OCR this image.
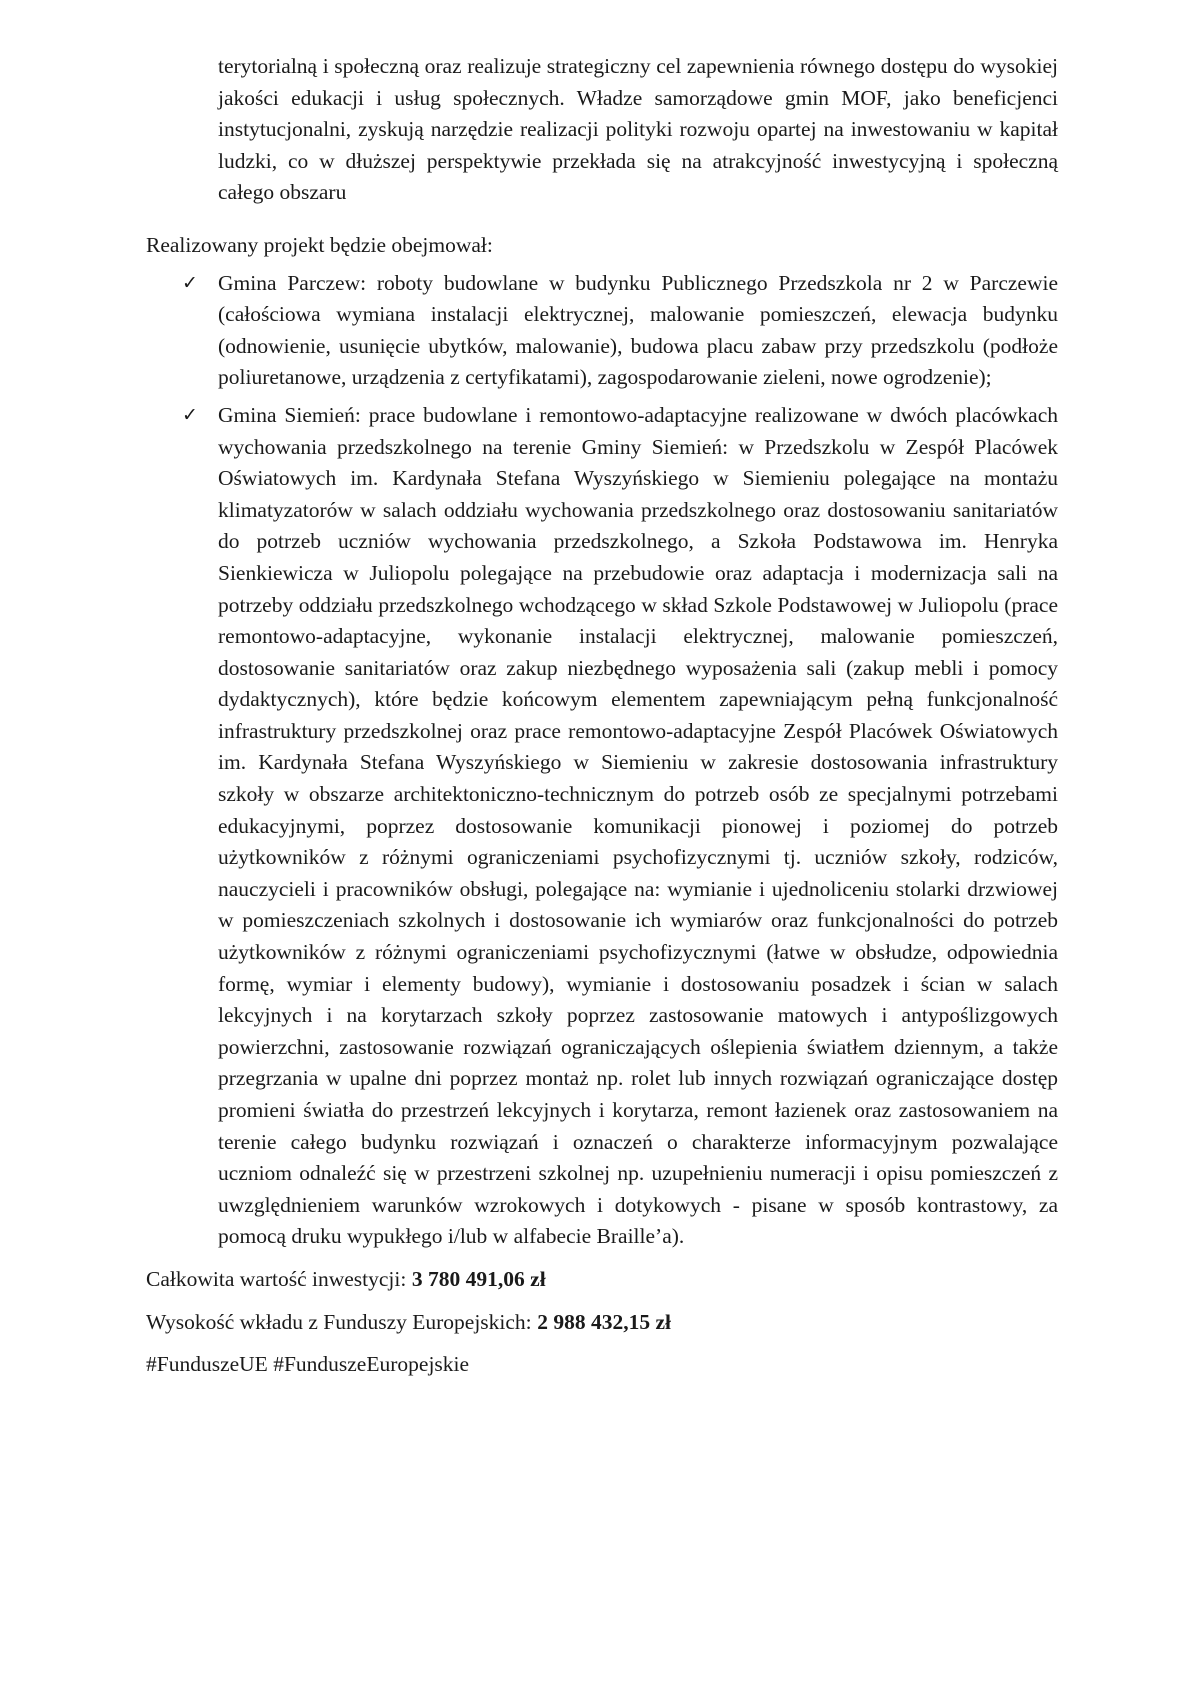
terytorialną i społeczną oraz realizuje strategiczny cel zapewnienia równego dostępu do wysokiej jakości edukacji i usług społecznych. Władze samorządowe gmin MOF, jako beneficjenci instytucjonalni, zyskują narzędzie realizacji polityki rozwoju opartej na inwestowaniu w kapitał ludzki, co w dłuższej perspektywie przekłada się na atrakcyjność inwestycyjną i społeczną całego obszaru

Realizowany projekt będzie obejmował:

✓ Gmina Parczew: roboty budowlane w budynku Publicznego Przedszkola nr 2 w Parczewie (całościowa wymiana instalacji elektrycznej, malowanie pomieszczeń, elewacja budynku (odnowienie, usunięcie ubytków, malowanie), budowa placu zabaw przy przedszkolu (podłoże poliuretanowe, urządzenia z certyfikatami), zagospodarowanie zieleni, nowe ogrodzenie);

✓ Gmina Siemień: prace budowlane i remontowo-adaptacyjne realizowane w dwóch placówkach wychowania przedszkolnego na terenie Gminy Siemień: w Przedszkolu w Zespół Placówek Oświatowych im. Kardynała Stefana Wyszyńskiego w Siemieniu polegające na montażu klimatyzatorów w salach oddziału wychowania przedszkolnego oraz dostosowaniu sanitariatów do potrzeb uczniów wychowania przedszkolnego, a Szkoła Podstawowa im. Henryka Sienkiewicza w Juliopolu polegające na przebudowie oraz adaptacja i modernizacja sali na potrzeby oddziału przedszkolnego wchodzącego w skład Szkole Podstawowej w Juliopolu (prace remontowo-adaptacyjne, wykonanie instalacji elektrycznej, malowanie pomieszczeń, dostosowanie sanitariatów oraz zakup niezbędnego wyposażenia sali (zakup mebli i pomocy dydaktycznych), które będzie końcowym elementem zapewniającym pełną funkcjonalność infrastruktury przedszkolnej oraz prace remontowo-adaptacyjne Zespół Placówek Oświatowych im. Kardynała Stefana Wyszyńskiego w Siemieniu w zakresie dostosowania infrastruktury szkoły w obszarze architektoniczno-technicznym do potrzeb osób ze specjalnymi potrzebami edukacyjnymi, poprzez dostosowanie komunikacji pionowej i poziomej do potrzeb użytkowników z różnymi ograniczeniami psychofizycznymi tj. uczniów szkoły, rodziców, nauczycieli i pracowników obsługi, polegające na: wymianie i ujednoliceniu stolarki drzwiowej w pomieszczeniach szkolnych i dostosowanie ich wymiarów oraz funkcjonalności do potrzeb użytkowników z różnymi ograniczeniami psychofizycznymi (łatwe w obsłudze, odpowiednia formę, wymiar i elementy budowy), wymianie i dostosowaniu posadzek i ścian w salach lekcyjnych i na korytarzach szkoły poprzez zastosowanie matowych i antypoślizgowych powierzchni, zastosowanie rozwiązań ograniczających oślepienia światłem dziennym, a także przegrzania w upalne dni poprzez montaż np. rolet lub innych rozwiązań ograniczające dostęp promieni światła do przestrzeń lekcyjnych i korytarza, remont łazienek oraz zastosowaniem na terenie całego budynku rozwiązań i oznaczeń o charakterze informacyjnym pozwalające uczniom odnaleźć się w przestrzeni szkolnej np. uzupełnieniu numeracji i opisu pomieszczeń z uwzględnieniem warunków wzrokowych i dotykowych - pisane w sposób kontrastowy, za pomocą druku wypukłego i/lub w alfabecie Braille’a).

Całkowita wartość inwestycji: 3 780 491,06 zł

Wysokość wkładu z Funduszy Europejskich: 2 988 432,15 zł

#FunduszeUE #FunduszeEuropejskie
